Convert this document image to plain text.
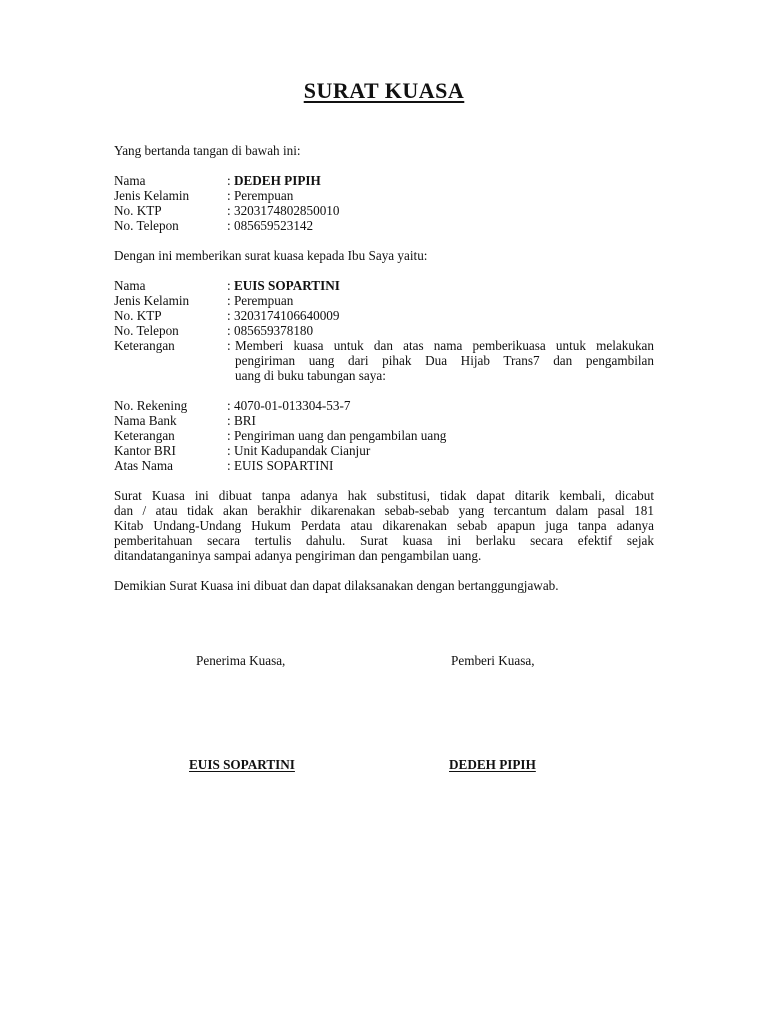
SURAT KUASA
Yang bertanda tangan di bawah ini:
Nama	: DEDEH PIPIH
Jenis Kelamin	: Perempuan
No. KTP	: 3203174802850010
No. Telepon	: 085659523142
Dengan ini memberikan surat kuasa kepada Ibu Saya yaitu:
Nama	: EUIS SOPARTINI
Jenis Kelamin	: Perempuan
No. KTP	: 3203174106640009
No. Telepon	: 085659378180
Keterangan	: Memberi kuasa untuk dan atas nama pemberikuasa untuk melakukan
pengiriman uang dari pihak Dua Hijab Trans7 dan pengambilan
uang di buku tabungan saya:
No. Rekening	: 4070-01-013304-53-7
Nama Bank	: BRI
Keterangan	: Pengiriman uang dan pengambilan uang
Kantor BRI	: Unit Kadupandak Cianjur
Atas Nama	: EUIS SOPARTINI
Surat Kuasa ini dibuat tanpa adanya hak substitusi, tidak dapat ditarik kembali, dicabut
dan / atau tidak akan berakhir dikarenakan sebab-sebab yang tercantum dalam pasal 181
Kitab Undang-Undang Hukum Perdata atau dikarenakan sebab apapun juga tanpa adanya
pemberitahuan secara tertulis dahulu. Surat kuasa ini berlaku secara efektif sejak
ditandatanganinya sampai adanya pengiriman dan pengambilan uang.
Demikian Surat Kuasa ini dibuat dan dapat dilaksanakan dengan bertanggungjawab.
Penerima Kuasa,	Pemberi Kuasa,
EUIS SOPARTINI	DEDEH PIPIH
